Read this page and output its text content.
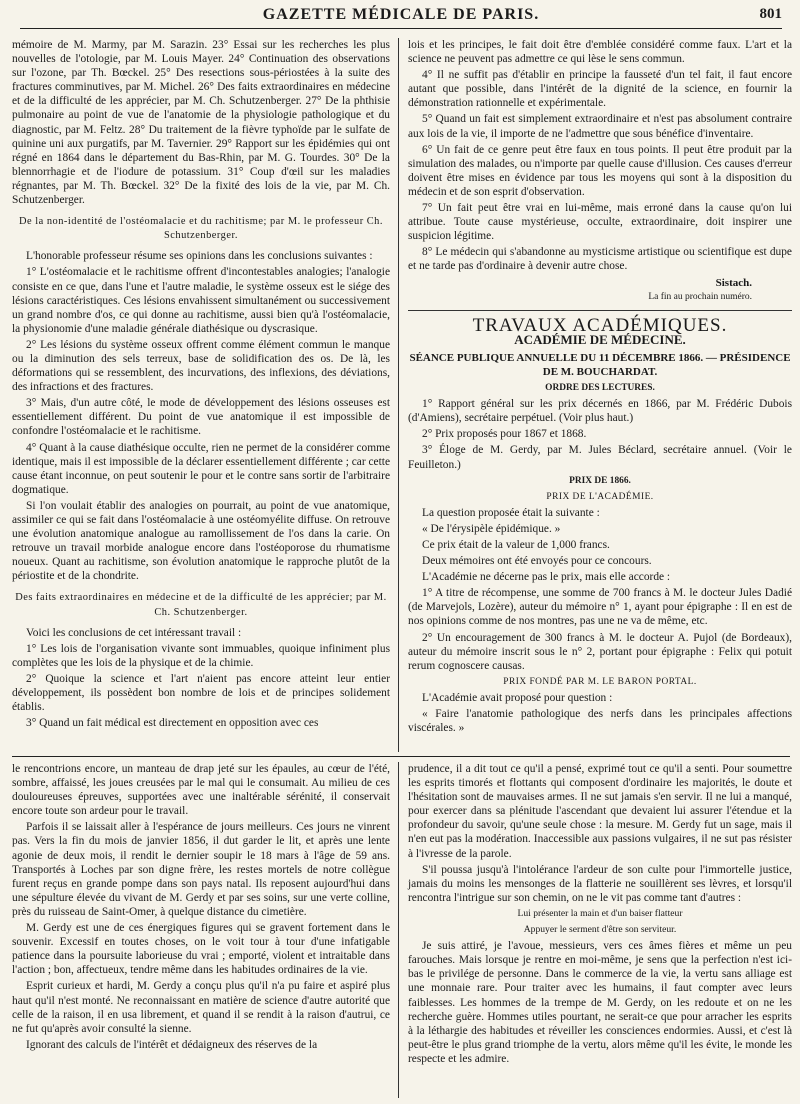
GAZETTE MÉDICALE DE PARIS.	801

mémoire de M. Marmy, par M. Sarazin. 23° Essai sur les recherches les plus nouvelles de l'otologie, par M. Louis Mayer. 24° Continuation des observations sur l'ozone, par Th. Bœckel. 25° Des resections sous-périostées à la suite des fractures comminutives, par M. Michel. 26° Des faits extraordinaires en médecine et de la difficulté de les apprécier, par M. Ch. Schutzenberger. 27° De la phthisie pulmonaire au point de vue de l'anatomie de la physiologie pathologique et du diagnostic, par M. Feltz. 28° Du traitement de la fièvre typhoïde par le sulfate de quinine uni aux purgatifs, par M. Tavernier. 29° Rapport sur les épidémies qui ont régné en 1864 dans le département du Bas-Rhin, par M. G. Tourdes. 30° De la blennorrhagie et de l'iodure de potassium. 31° Coup d'œil sur les maladies régnantes, par M. Th. Bœckel. 32° De la fixité des lois de la vie, par M. Ch. Schutzenberger.

De la non-identité de l'ostéomalacie et du rachitisme; par M. le professeur Ch. Schutzenberger.

L'honorable professeur résume ses opinions dans les conclusions suivantes :

1° L'ostéomalacie et le rachitisme offrent d'incontestables analogies; l'analogie consiste en ce que, dans l'une et l'autre maladie, le système osseux est le siége des lésions caractéristiques. Ces lésions envahissent simultanément ou successivement un grand nombre d'os, ce qui donne au rachitisme, aussi bien qu'à l'ostéomalacie, la physionomie d'une maladie générale diathésique ou dyscrasique.

2° Les lésions du système osseux offrent comme élément commun le manque ou la diminution des sels terreux, base de solidification des os. De là, les déformations qui se ressemblent, des incurvations, des inflexions, des déviations, des infractions et des fractures.

3° Mais, d'un autre côté, le mode de développement des lésions osseuses est essentiellement différent. Du point de vue anatomique il est impossible de confondre l'ostéomalacie et le rachitisme.

4° Quant à la cause diathésique occulte, rien ne permet de la considérer comme identique, mais il est impossible de la déclarer essentiellement différente ; car cette cause étant inconnue, on peut soutenir le pour et le contre sans sortir de l'arbitraire dogmatique.

Si l'on voulait établir des analogies on pourrait, au point de vue anatomique, assimiler ce qui se fait dans l'ostéomalacie à une ostéomyélite diffuse. On retrouve une évolution anatomique analogue au ramollissement de l'os dans la carie. On retrouve un travail morbide analogue encore dans l'ostéoporose du rhumatisme noueux. Quant au rachitisme, son évolution anatomique le rapproche plutôt de la périostite et de la chondrite.

Des faits extraordinaires en médecine et de la difficulté de les apprécier; par M. Ch. Schutzenberger.

Voici les conclusions de cet intéressant travail :

1° Les lois de l'organisation vivante sont immuables, quoique infiniment plus complètes que les lois de la physique et de la chimie.

2° Quoique la science et l'art n'aient pas encore atteint leur entier développement, ils possèdent bon nombre de lois et de principes solidement établis.

3° Quand un fait médical est directement en opposition avec ces

lois et les principes, le fait doit être d'emblée considéré comme faux. L'art et la science ne peuvent pas admettre ce qui lèse le sens commun.

4° Il ne suffit pas d'établir en principe la fausseté d'un tel fait, il faut encore autant que possible, dans l'intérêt de la dignité de la science, en fournir la démonstration rationnelle et expérimentale.

5° Quand un fait est simplement extraordinaire et n'est pas absolument contraire aux lois de la vie, il importe de ne l'admettre que sous bénéfice d'inventaire.

6° Un fait de ce genre peut être faux en tous points. Il peut être produit par la simulation des malades, ou n'importe par quelle cause d'illusion. Ces causes d'erreur doivent être mises en évidence par tous les moyens qui sont à la disposition du médecin et de son esprit d'observation.

7° Un fait peut être vrai en lui-même, mais erroné dans la cause qu'on lui attribue. Toute cause mystérieuse, occulte, extraordinaire, doit inspirer une suspicion légitime.

8° Le médecin qui s'abandonne au mysticisme artistique ou scientifique est dupe et ne tarde pas d'ordinaire à devenir autre chose.

Sistach.
La fin au prochain numéro.
TRAVAUX ACADÉMIQUES.
ACADÉMIE DE MÉDECINE.
SÉANCE PUBLIQUE ANNUELLE DU 11 DÉCEMBRE 1866. — PRÉSIDENCE DE M. BOUCHARDAT.
ORDRE DES LECTURES.

1° Rapport général sur les prix décernés en 1866, par M. Frédéric Dubois (d'Amiens), secrétaire perpétuel. (Voir plus haut.)

2° Prix proposés pour 1867 et 1868.

3° Éloge de M. Gerdy, par M. Jules Béclard, secrétaire annuel. (Voir le Feuilleton.)

PRIX DE 1866.
PRIX DE L'ACADÉMIE.

La question proposée était la suivante :

« De l'érysipèle épidémique. »

Ce prix était de la valeur de 1,000 francs.

Deux mémoires ont été envoyés pour ce concours.

L'Académie ne décerne pas le prix, mais elle accorde :

1° A titre de récompense, une somme de 700 francs à M. le docteur Jules Dadié (de Marvejols, Lozère), auteur du mémoire n° 1, ayant pour épigraphe : Il en est de nos opinions comme de nos montres, pas une ne va de même, etc.

2° Un encouragement de 300 francs à M. le docteur A. Pujol (de Bordeaux), auteur du mémoire inscrit sous le n° 2, portant pour épigraphe : Felix qui potuit rerum cognoscere causas.

PRIX FONDÉ PAR M. LE BARON PORTAL.

L'Académie avait proposé pour question :

« Faire l'anatomie pathologique des nerfs dans les principales affections viscérales. »

le rencontrions encore, un manteau de drap jeté sur les épaules, au cœur de l'été, sombre, affaissé, les joues creusées par le mal qui le consumait. Au milieu de ces douloureuses épreuves, supportées avec une inaltérable sérénité, il conservait encore toute son ardeur pour le travail.

Parfois il se laissait aller à l'espérance de jours meilleurs. Ces jours ne vinrent pas. Vers la fin du mois de janvier 1856, il dut garder le lit, et après une lente agonie de deux mois, il rendit le dernier soupir le 18 mars à l'âge de 59 ans. Transportés à Loches par son digne frère, les restes mortels de notre collègue furent reçus en grande pompe dans son pays natal. Ils reposent aujourd'hui dans une sépulture élevée du vivant de M. Gerdy et par ses soins, sur une verte colline, près du ruisseau de Saint-Omer, à quelque distance du cimetière.

M. Gerdy est une de ces énergiques figures qui se gravent fortement dans le souvenir. Excessif en toutes choses, on le voit tour à tour d'une infatigable patience dans la poursuite laborieuse du vrai ; emporté, violent et intraitable dans l'action ; bon, affectueux, tendre même dans les habitudes ordinaires de la vie.

Esprit curieux et hardi, M. Gerdy a conçu plus qu'il n'a pu faire et aspiré plus haut qu'il n'est monté. Ne reconnaissant en matière de science d'autre autorité que celle de la raison, il en usa librement, et quand il se rendit à la raison d'autrui, ce ne fut qu'après avoir consulté la sienne.

Ignorant des calculs de l'intérêt et dédaigneux des réserves de la

prudence, il a dit tout ce qu'il a pensé, exprimé tout ce qu'il a senti. Pour soumettre les esprits timorés et flottants qui composent d'ordinaire les majorités, le doute et l'hésitation sont de mauvaises armes. Il ne sut jamais s'en servir. Il ne lui a manqué, pour exercer dans sa plénitude l'ascendant que devaient lui assurer l'étendue et la profondeur du savoir, qu'une seule chose : la mesure. M. Gerdy fut un sage, mais il n'en eut pas la modération. Inaccessible aux passions vulgaires, il ne sut pas résister à l'ivresse de la parole.

S'il poussa jusqu'à l'intolérance l'ardeur de son culte pour l'immortelle justice, jamais du moins les mensonges de la flatterie ne souillèrent ses lèvres, et lorsqu'il rencontra l'intrigue sur son chemin, on ne le vit pas comme tant d'autres :

Lui présenter la main et d'un baiser flatteur
Appuyer le serment d'être son serviteur.

Je suis attiré, je l'avoue, messieurs, vers ces âmes fières et même un peu farouches. Mais lorsque je rentre en moi-même, je sens que la perfection n'est ici-bas le privilége de personne. Dans le commerce de la vie, la vertu sans alliage est une monnaie rare. Pour traiter avec les humains, il faut compter avec leurs faiblesses. Les hommes de la trempe de M. Gerdy, on les redoute et on ne les recherche guère. Hommes utiles pourtant, ne serait-ce que pour arracher les esprits à la léthargie des habitudes et réveiller les consciences endormies. Aussi, et c'est là peut-être le plus grand triomphe de la vertu, alors même qu'il les évite, le monde les respecte et les admire.
